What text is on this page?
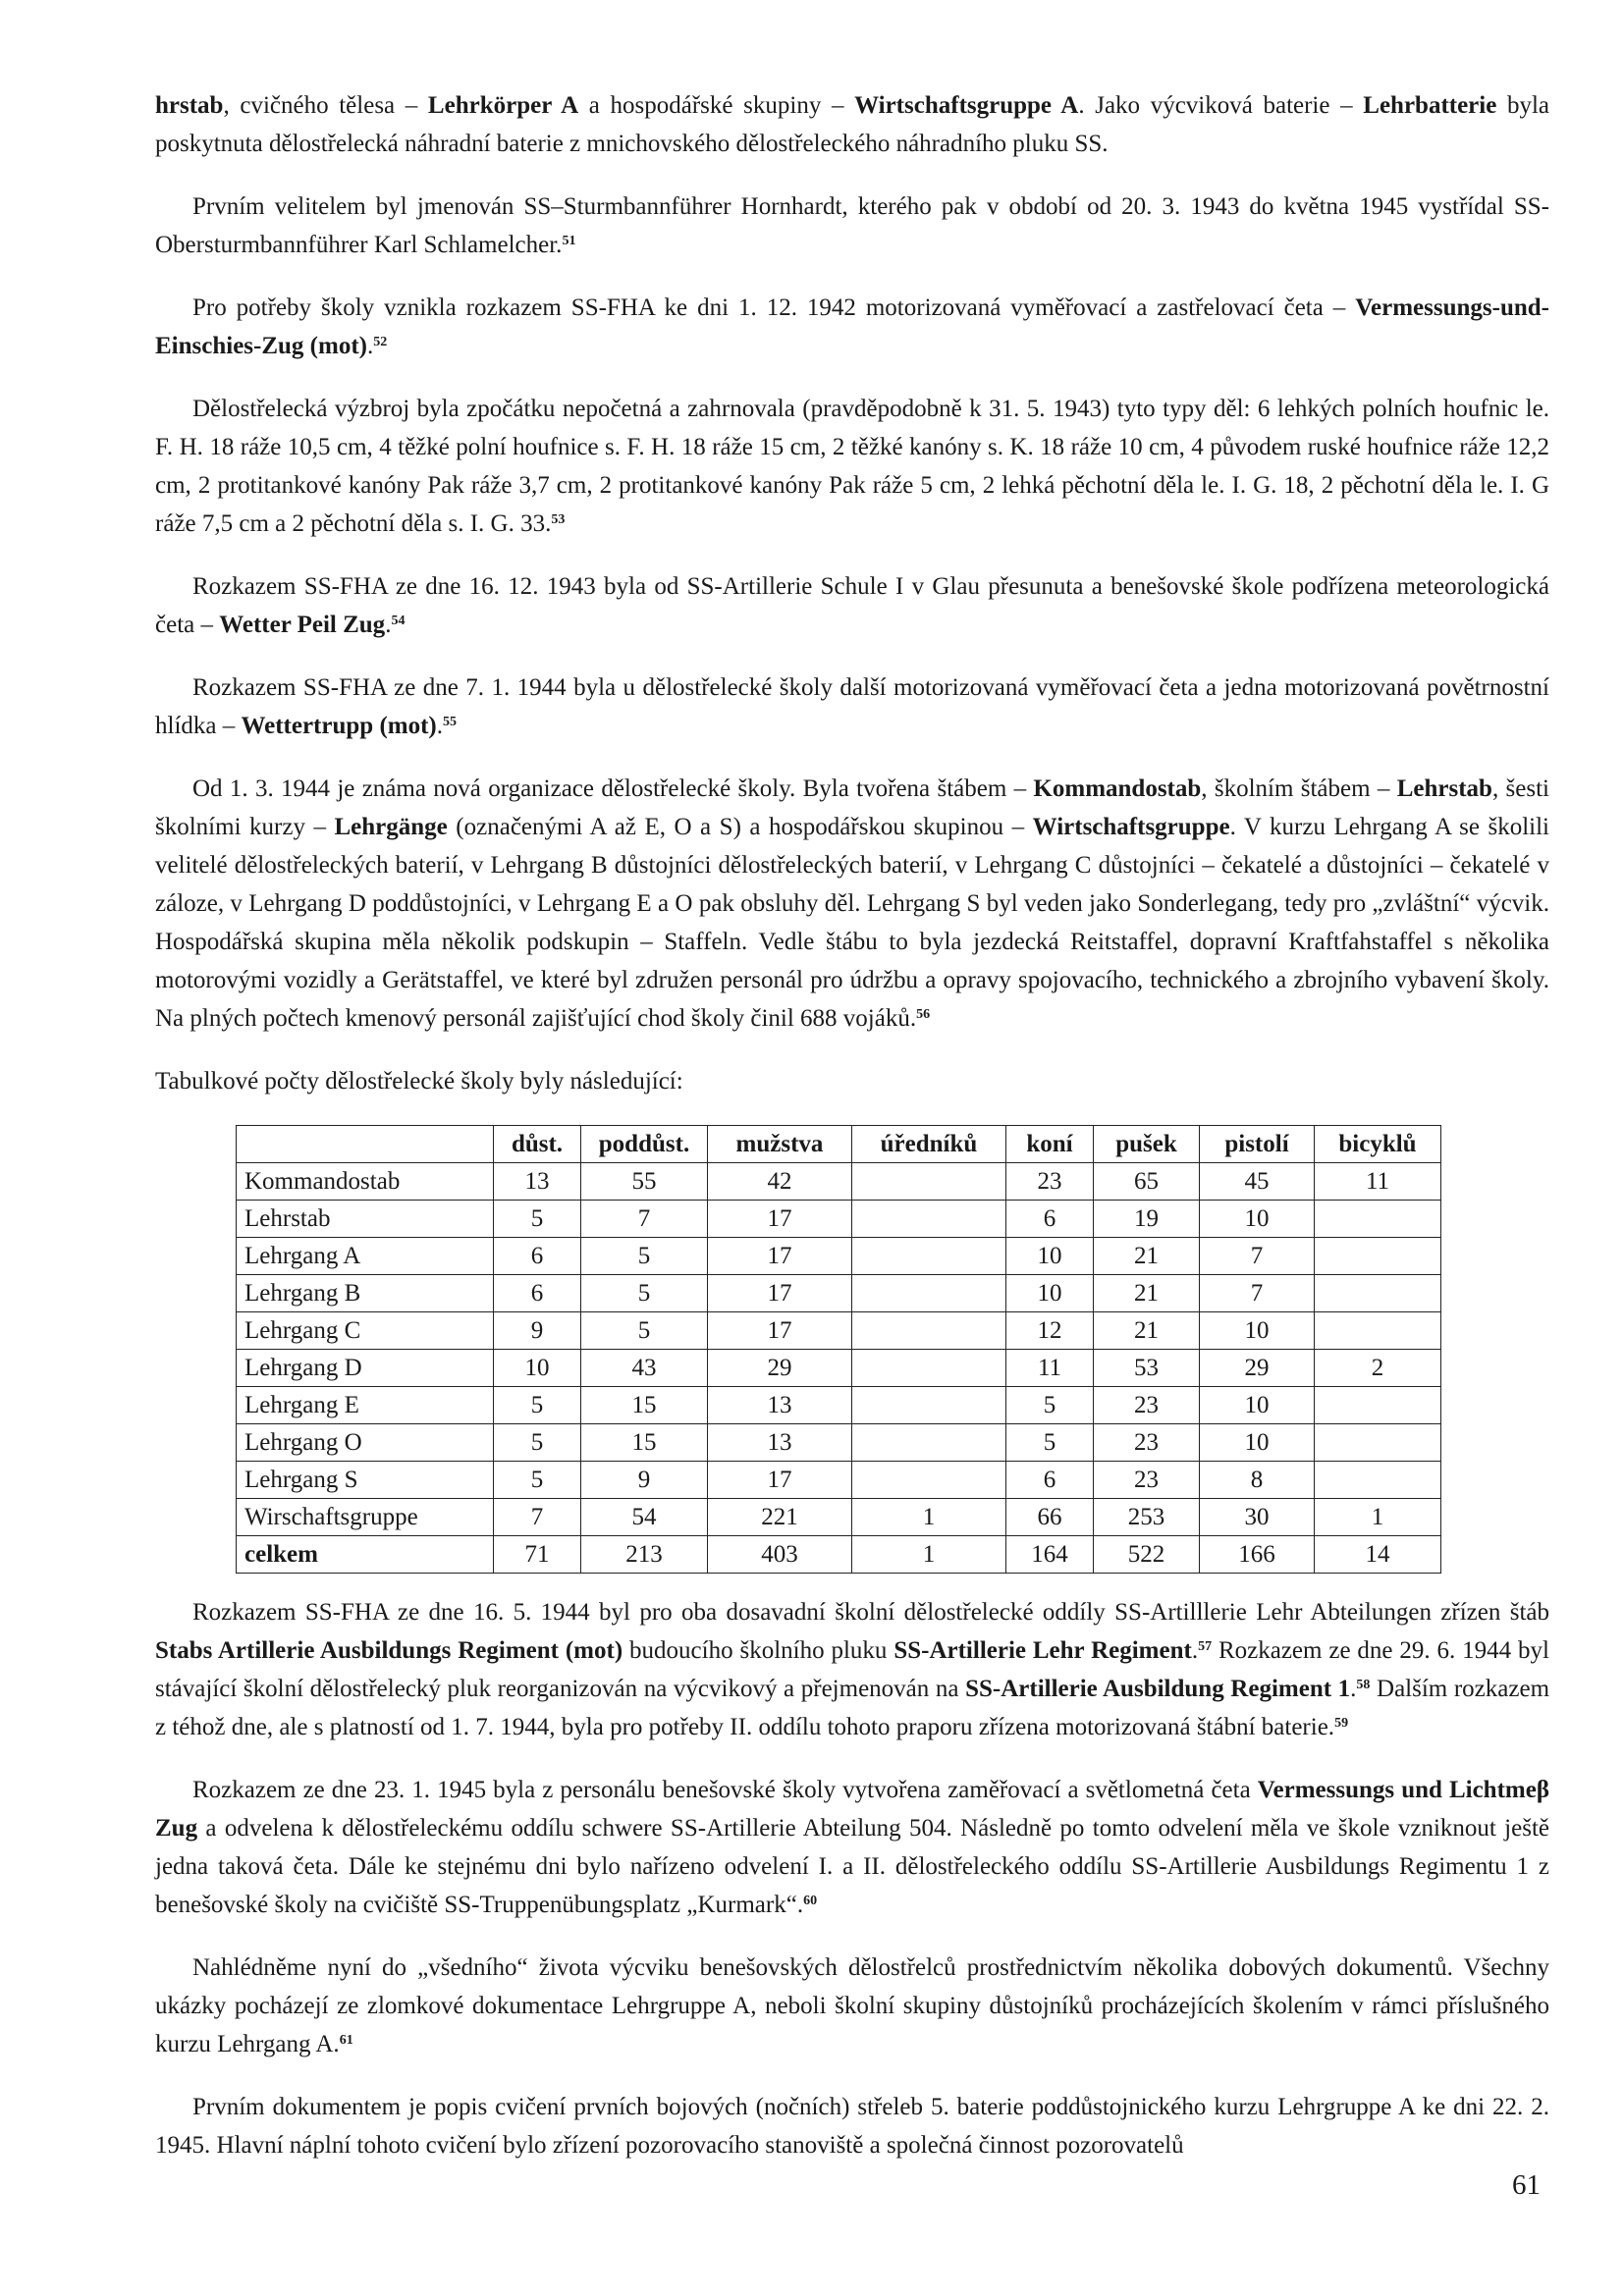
hrstab, cvičného tělesa – Lehrkörper A a hospodářské skupiny – Wirtschaftsgruppe A. Jako výcviková baterie – Lehrbatterie byla poskytnuta dělostřelecká náhradní baterie z mnichovského dělostřeleckého náhradního pluku SS.

Prvním velitelem byl jmenován SS–Sturmbannführer Hornhardt, kterého pak v období od 20. 3. 1943 do května 1945 vystřídal SS-Obersturmbannführer Karl Schlamelcher.$^{51}$

Pro potřeby školy vznikla rozkazem SS-FHA ke dni 1. 12. 1942 motorizovaná vyměřovací a zastřelovací četa – Vermessungs-und-Einschies-Zug (mot).$^{52}$

Dělostřelecká výzbroj byla zpočátku nepočetná a zahrnovala (pravděpodobně k 31. 5. 1943) tyto typy děl: 6 lehkých polních houfnic le. F. H. 18 ráže 10,5 cm, 4 těžké polní houfnice s. F. H. 18 ráže 15 cm, 2 těžké kanóny s. K. 18 ráže 10 cm, 4 původem ruské houfnice ráže 12,2 cm, 2 protitankové kanóny Pak ráže 3,7 cm, 2 protitankové kanóny Pak ráže 5 cm, 2 lehká pěchotní děla le. I. G. 18, 2 pěchotní děla le. I. G ráže 7,5 cm a 2 pěchotní děla s. I. G. 33.53

Rozkazem SS-FHA ze dne 16. 12. 1943 byla od SS-Artillerie Schule I v Glau přesunuta a benešovské škole podřízena meteorologická četa – Wetter Peil Zug.$^{54}$

Rozkazem SS-FHA ze dne 7. 1. 1944 byla u dělostřelecké školy další motorizovaná vyměřovací četa a jedna motorizovaná povětrnostní hlídka – Wettertrupp (mot).$^{55}$

Od 1. 3. 1944 je známa nová organizace dělostřelecké školy. Byla tvořena štábem – Kommandostab, školním štábem – Lehrstab, šesti školními kurzy – Lehrgänge (označenými A až E, O a S) a hospodářskou skupinou – Wirtschaftsgruppe. V kurzu Lehrgang A se školili velitelé dělostřeleckých baterií, v Lehrgang B důstojníci dělostřeleckých baterií, v Lehrgang C důstojníci – čekatelé a důstojníci – čekatelé v záloze, v Lehrgang D poddůstojníci, v Lehrgang E a O pak obsluhy děl. Lehrgang S byl veden jako Sonderlegang, tedy pro „zvláštní“ výcvik. Hospodářská skupina měla několik podskupin – Staffeln. Vedle štábu to byla jezdecká Reitstaffel, dopravní Kraftfahstaffel s několika motorovými vozidly a Gerätstaffel, ve které byl združen personál pro údržbu a opravy spojovacího, technického a zbrojního vybavení školy. Na plných počtech kmenový personál zajišťující chod školy činil 688 vojáků.$^{56}$

Tabulkové počty dělostřelecké školy byly následující:

	důst.	poddůst.	mužstva	úředníků	koní	pušek	pistolí	bicyklů
Kommandostab	13	55	42		23	65	45	11
Lehrstab	5	7	17		6	19	10	
Lehrgang A	6	5	17		10	21	7	
Lehrgang B	6	5	17		10	21	7	
Lehrgang C	9	5	17		12	21	10	
Lehrgang D	10	43	29		11	53	29	2
Lehrgang E	5	15	13		5	23	10	
Lehrgang O	5	15	13		5	23	10	
Lehrgang S	5	9	17		6	23	8	
Wirschaftsgruppe	7	54	221	1	66	253	30	1
celkem	71	213	403	1	164	522	166	14

Rozkazem SS-FHA ze dne 16. 5. 1944 byl pro oba dosavadní školní dělostřelecké oddíly SS-Artilllerie Lehr Abteilungen zřízen štáb Stabs Artillerie Ausbildungs Regiment (mot) budoucího školního pluku SS-Artillerie Lehr Regiment.$^{57}$ Rozkazem ze dne 29. 6. 1944 byl stávající školní dělostřelecký pluk reorganizován na výcvikový a přejmenován na SS-Artillerie Ausbildung Regiment 1.58 Dalším rozkazem z téhož dne, ale s platností od 1. 7. 1944, byla pro potřeby II. oddílu tohoto praporu zřízena motorizovaná štábní baterie.$^{59}$

Rozkazem ze dne 23. 1. 1945 byla z personálu benešovské školy vytvořena zaměřovací a světlometná četa Vermessungs und Lichtmeβ Zug a odvelena k dělostřeleckému oddílu schwere SS-Artillerie Abteilung 504. Následně po tomto odvelení měla ve škole vzniknout ještě jedna taková četa. Dále ke stejnému dni bylo nařízeno odvelení I. a II. dělostřeleckého oddílu SS-Artillerie Ausbildungs Regimentu 1 z benešovské školy na cvičiště SS-Truppenübungsplatz „Kurmark“.$^{60}$

Nahlédněme nyní do „všedního“ života výcviku benešovských dělostřelců prostřednictvím několika dobových dokumentů. Všechny ukázky pocházejí ze zlomkové dokumentace Lehrgruppe A, neboli školní skupiny důstojníků procházejících školením v rámci příslušného kurzu Lehrgang A.$^{61}$

Prvním dokumentem je popis cvičení prvních bojových (nočních) střeleb 5. baterie poddůstojnického kurzu Lehrgruppe A ke dni 22. 2. 1945. Hlavní náplní tohoto cvičení bylo zřízení pozorovacího stanoviště a společná činnost pozorovatelů

61
